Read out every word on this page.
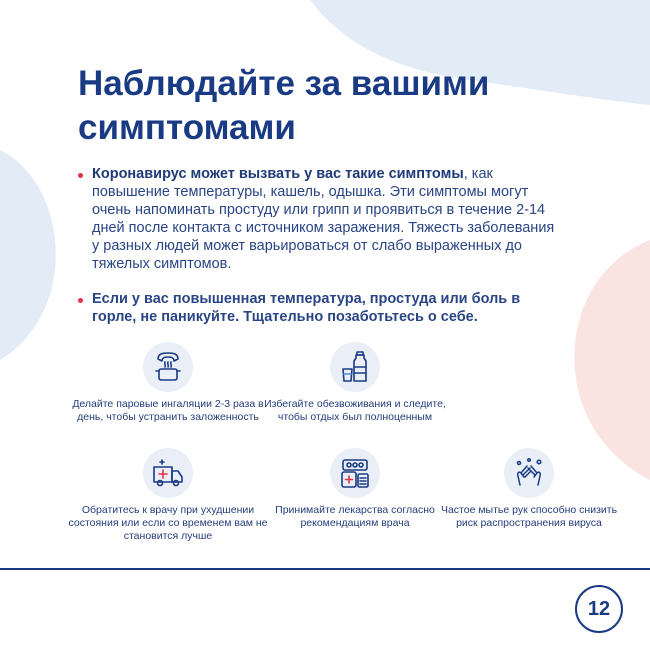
Наблюдайте за вашими симптомами
Коронавирус может вызвать у вас такие симптомы, как повышение температуры, кашель, одышка. Эти симптомы могут очень напоминать простуду или грипп и проявиться в течение 2-14 дней после контакта с источником заражения. Тяжесть заболевания у разных людей может варьироваться от слабо выраженных до тяжелых симптомов.
Если у вас повышенная температура, простуда или боль в горле, не паникуйте. Тщательно позаботьтесь о себе.
Делайте паровые ингаляции 2-3 раза в день, чтобы устранить заложенность
Избегайте обезвоживания и следите, чтобы отдых был полноценным
Обратитесь к врачу при ухудшении состояния или если со временем вам не становится лучше
Принимайте лекарства согласно рекомендациям врача
Частое мытье рук способно снизить риск распространения вируса
12
